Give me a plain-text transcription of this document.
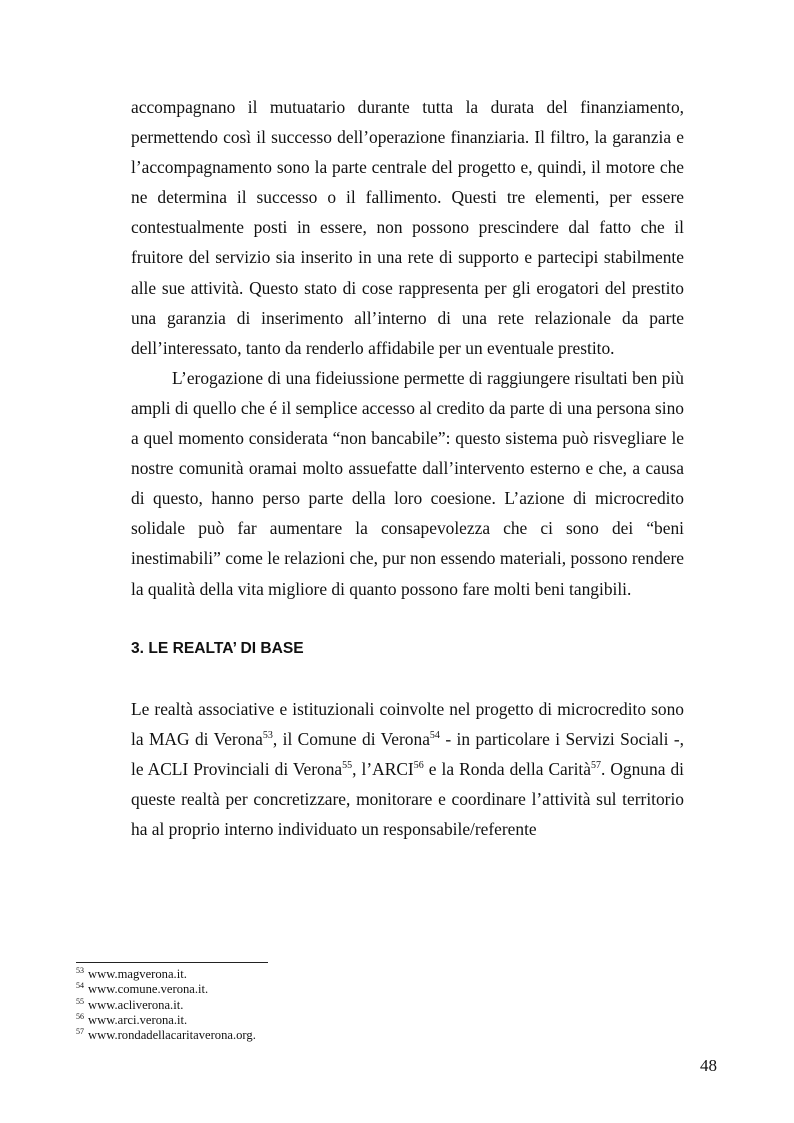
accompagnano il mutuatario durante tutta la durata del finanziamento, permettendo così il successo dell’operazione finanziaria. Il filtro, la garanzia e l’accompagnamento sono la parte centrale del progetto e, quindi, il motore che ne determina il successo o il fallimento. Questi tre elementi, per essere contestualmente posti in essere, non possono prescindere dal fatto che il fruitore del servizio sia inserito in una rete di supporto e partecipi stabilmente alle sue attività. Questo stato di cose rappresenta per gli erogatori del prestito una garanzia di inserimento all’interno di una rete relazionale da parte dell’interessato, tanto da renderlo affidabile per un eventuale prestito.

L’erogazione di una fideiussione permette di raggiungere risultati ben più ampli di quello che é il semplice accesso al credito da parte di una persona sino a quel momento considerata “non bancabile”: questo sistema può risvegliare le nostre comunità oramai molto assuefatte dall’intervento esterno e che, a causa di questo, hanno perso parte della loro coesione. L’azione di microcredito solidale può far aumentare la consapevolezza che ci sono dei “beni inestimabili” come le relazioni che, pur non essendo materiali, possono rendere la qualità della vita migliore di quanto possono fare molti beni tangibili.

3. LE REALTA’ DI BASE

Le realtà associative e istituzionali coinvolte nel progetto di microcredito sono la MAG di Verona$^{53}$, il Comune di Verona$^{54}$ - in particolare i Servizi Sociali -, le ACLI Provinciali di Verona$^{55}$, l’ARCI$^{56}$ e la Ronda della Carità$^{57}$. Ognuna di queste realtà per concretizzare, monitorare e coordinare l’attività sul territorio ha al proprio interno individuato un responsabile/referente

$^{53}$ www.magverona.it.
$^{54}$ www.comune.verona.it.
$^{55}$ www.acliverona.it.
$^{56}$ www.arci.verona.it.
$^{57}$ www.rondadellacaritaverona.org.
48
